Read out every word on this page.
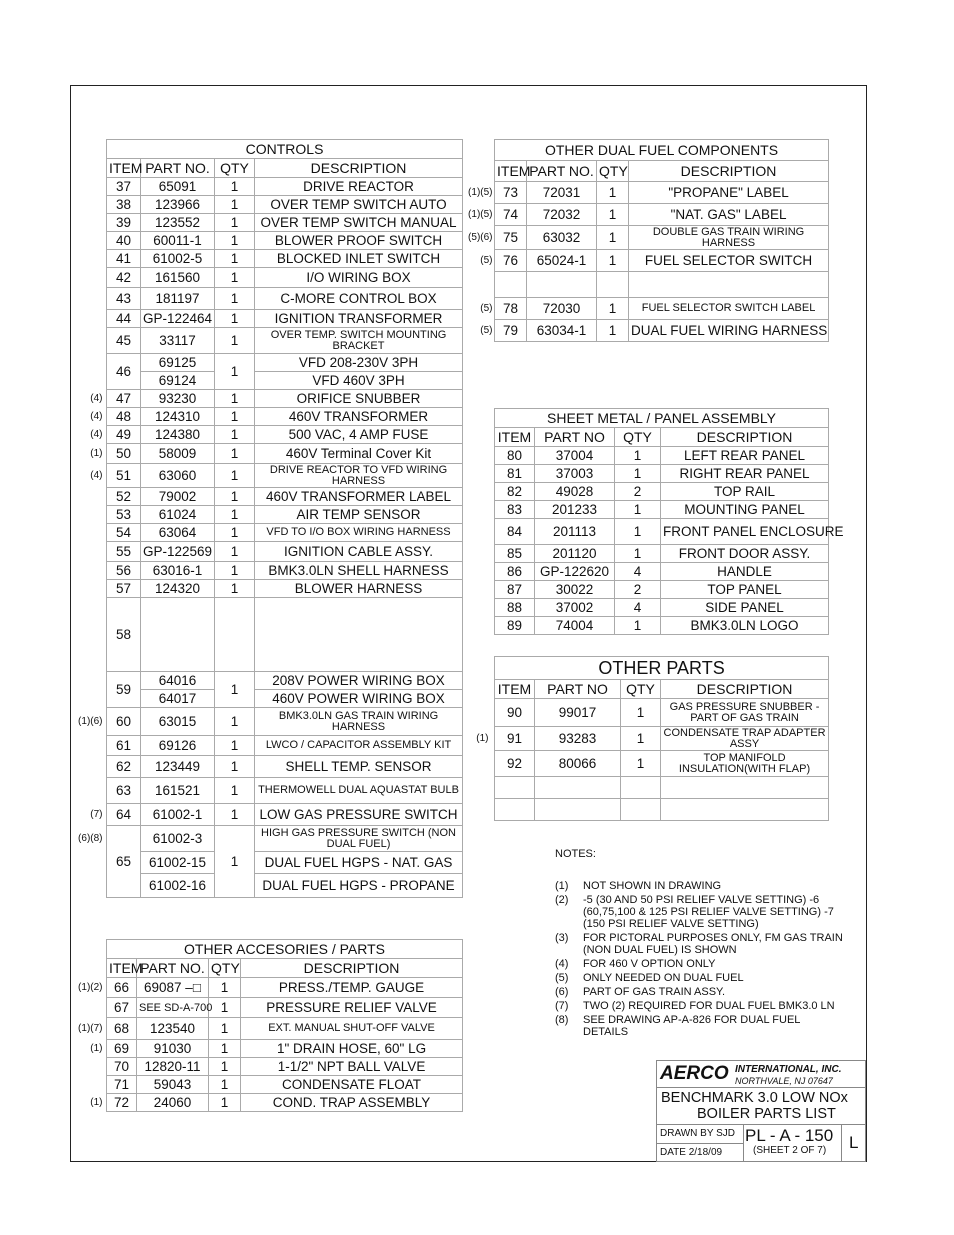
CONTROLS			
ITEM	PART NO.	QTY	DESCRIPTION
37	65091	1	DRIVE REACTOR
38	123966	1	OVER TEMP SWITCH AUTO
39	123552	1	OVER TEMP SWITCH MANUAL
40	60011-1	1	BLOWER PROOF SWITCH
41	61002-5	1	BLOCKED INLET SWITCH
42	161560	1	I/O WIRING BOX
43	181197	1	C-MORE CONTROL BOX
44	GP-122464	1	IGNITION TRANSFORMER
45	33117	1	OVER TEMP. SWITCH MOUNTING BRACKET
46	69125	1	VFD 208-230V 3PH
	69124		VFD 460V 3PH
47	93230	1	ORIFICE SNUBBER
48	124310	1	460V TRANSFORMER
49	124380	1	500 VAC, 4 AMP FUSE
50	58009	1	460V Terminal Cover Kit
51	63060	1	DRIVE REACTOR TO VFD WIRING HARNESS
52	79002	1	460V TRANSFORMER LABEL
53	61024	1	AIR TEMP SENSOR
54	63064	1	VFD TO I/O BOX WIRING HARNESS
55	GP-122569	1	IGNITION CABLE ASSY.
56	63016-1	1	BMK3.0LN SHELL HARNESS
57	124320	1	BLOWER HARNESS
58			
59	64016	1	208V POWER WIRING BOX
	64017		460V POWER WIRING BOX
60	63015	1	BMK3.0LN GAS TRAIN WIRING HARNESS
61	69126	1	LWCO / CAPACITOR ASSEMBLY KIT
62	123449	1	SHELL TEMP. SENSOR
63	161521	1	THERMOWELL DUAL AQUASTAT BULB
64	61002-1	1	LOW GAS PRESSURE SWITCH
65	61002-3	1	HIGH GAS PRESSURE SWITCH (NON DUAL FUEL)
	61002-15		DUAL FUEL HGPS - NAT. GAS
	61002-16		DUAL FUEL HGPS - PROPANE
OTHER ACCESORIES / PARTS			
ITEM	PART NO.	QTY	DESCRIPTION
66	69087 –□	1	PRESS./TEMP. GAUGE
67	SEE SD-A-700	1	PRESSURE RELIEF VALVE
68	123540	1	EXT. MANUAL SHUT-OFF VALVE
69	91030	1	1" DRAIN HOSE, 60" LG
70	12820-11	1	1-1/2" NPT BALL VALVE
71	59043	1	CONDENSATE FLOAT
72	24060	1	COND. TRAP ASSEMBLY
OTHER DUAL FUEL COMPONENTS			
ITEM	PART NO.	QTY	DESCRIPTION
73	72031	1	"PROPANE" LABEL
74	72032	1	"NAT. GAS" LABEL
75	63032	1	DOUBLE GAS TRAIN WIRING HARNESS
76	65024-1	1	FUEL SELECTOR SWITCH

78	72030	1	FUEL SELECTOR SWITCH LABEL
79	63034-1	1	DUAL FUEL WIRING HARNESS
SHEET METAL / PANEL ASSEMBLY			
ITEM	PART NO	QTY	DESCRIPTION
80	37004	1	LEFT REAR PANEL
81	37003	1	RIGHT REAR PANEL
82	49028	2	TOP RAIL
83	201233	1	MOUNTING PANEL
84	201113	1	FRONT PANEL ENCLOSURE
85	201120	1	FRONT DOOR ASSY.
86	GP-122620	4	HANDLE
87	30022	2	TOP PANEL
88	37002	4	SIDE PANEL
89	74004	1	BMK3.0LN LOGO
OTHER PARTS			
ITEM	PART NO	QTY	DESCRIPTION
90	99017	1	GAS PRESSURE SNUBBER - PART OF GAS TRAIN
91	93283	1	CONDENSATE TRAP ADAPTER ASSY
92	80066	1	TOP MANIFOLD INSULATION(WITH FLAP)

NOTES:
(1)	NOT SHOWN IN DRAWING
(2)	-5 (30 AND 50 PSI RELIEF VALVE SETTING) -6 (60,75,100 & 125 PSI RELIEF VALVE SETTING) -7 (150 PSI RELIEF VALVE SETTING)
(3)	FOR PICTORAL PURPOSES ONLY, FM GAS TRAIN (NON DUAL FUEL) IS SHOWN
(4)	FOR 460 V OPTION ONLY
(5)	ONLY NEEDED ON DUAL FUEL
(6)	PART OF GAS TRAIN ASSY.
(7)	TWO (2) REQUIRED FOR DUAL FUEL BMK3.0 LN
(8)	SEE DRAWING AP-A-826 FOR DUAL FUEL DETAILS
AERCO INTERNATIONAL, INC.
NORTHVALE, NJ 07647
BENCHMARK 3.0 LOW NOx
BOILER PARTS LIST
DRAWN BY SJD
DATE 2/18/09
PL - A - 150
(SHEET 2 OF 7) L
(4)
(4)
(4)
(1)
(4)
(1)(6)
(7)
(6)(8)
(1)(2)
(1)(7)
(1)
(1)
(1)(5)
(1)(5)
(5)(6)
(5)
(5)
(5)
(1)
